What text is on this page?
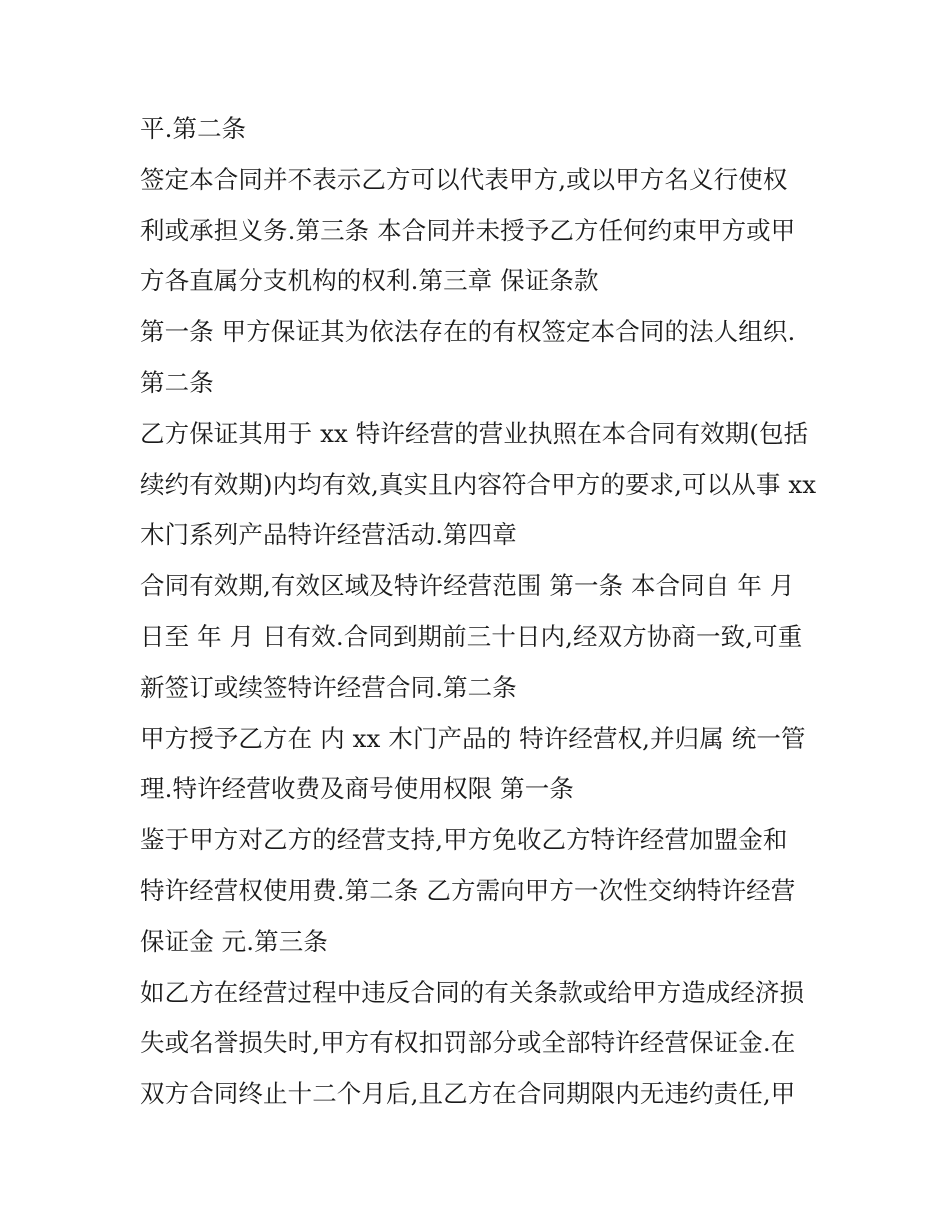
平.第二条
签定本合同并不表示乙方可以代表甲方,或以甲方名义行使权
利或承担义务.第三条 本合同并未授予乙方任何约束甲方或甲
方各直属分支机构的权利.第三章 保证条款
第一条 甲方保证其为依法存在的有权签定本合同的法人组织.
第二条
乙方保证其用于 xx 特许经营的营业执照在本合同有效期(包括
续约有效期)内均有效,真实且内容符合甲方的要求,可以从事 xx
木门系列产品特许经营活动.第四章
合同有效期,有效区域及特许经营范围 第一条 本合同自 年 月
日至 年 月 日有效.合同到期前三十日内,经双方协商一致,可重
新签订或续签特许经营合同.第二条
甲方授予乙方在 内 xx 木门产品的 特许经营权,并归属 统一管
理.特许经营收费及商号使用权限 第一条
鉴于甲方对乙方的经营支持,甲方免收乙方特许经营加盟金和
特许经营权使用费.第二条 乙方需向甲方一次性交纳特许经营
保证金 元.第三条
如乙方在经营过程中违反合同的有关条款或给甲方造成经济损
失或名誉损失时,甲方有权扣罚部分或全部特许经营保证金.在
双方合同终止十二个月后,且乙方在合同期限内无违约责任,甲
